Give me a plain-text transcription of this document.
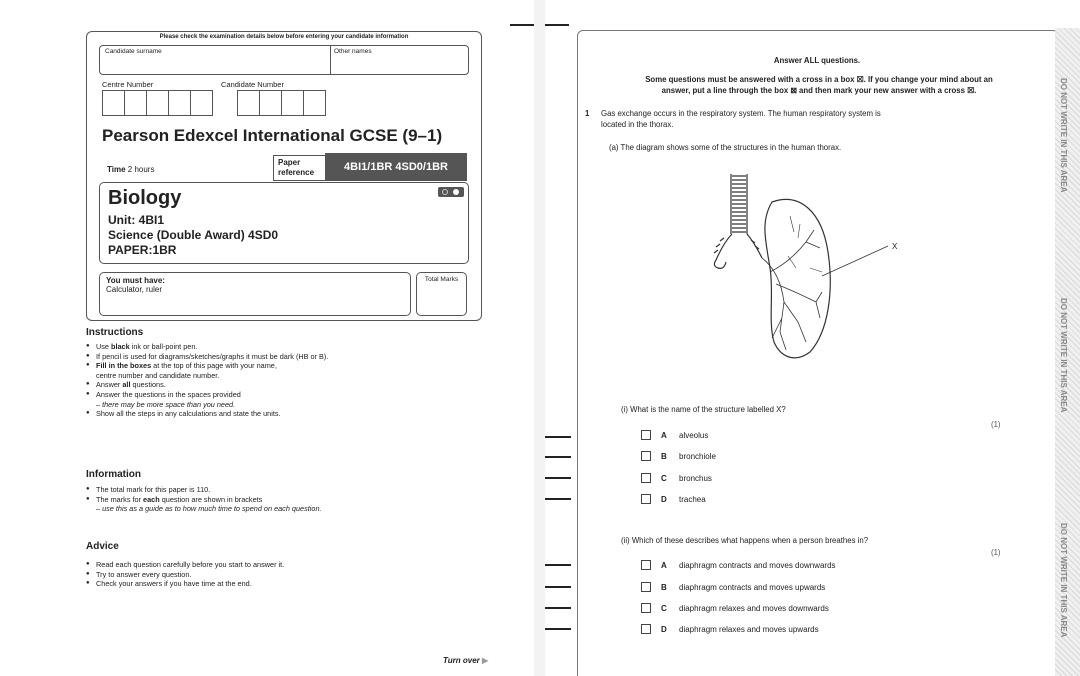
Please check the examination details below before entering your candidate information
Candidate surname	Other names
Centre Number	Candidate Number
Pearson Edexcel International GCSE (9–1)
Time 2 hours
Paper reference	4BI1/1BR 4SD0/1BR
Biology
Unit: 4BI1
Science (Double Award) 4SD0
PAPER:1BR
You must have:
Calculator, ruler
Total Marks
Instructions
● Use black ink or ball-point pen.
● If pencil is used for diagrams/sketches/graphs it must be dark (HB or B).
● Fill in the boxes at the top of this page with your name,
centre number and candidate number.
● Answer all questions.
● Answer the questions in the spaces provided
– there may be more space than you need.
● Show all the steps in any calculations and state the units.
Information
● The total mark for this paper is 110.
● The marks for each question are shown in brackets
– use this as a guide as to how much time to spend on each question.
Advice
● Read each question carefully before you start to answer it.
● Try to answer every question.
● Check your answers if you have time at the end.
Turn over ▶
DO NOT WRITE IN THIS AREA
DO NOT WRITE IN THIS AREA
DO NOT WRITE IN THIS AREA
Answer ALL questions.
Some questions must be answered with a cross in a box ☒. If you change your mind about an
answer, put a line through the box ⊠ and then mark your new answer with a cross ☒.
1 Gas exchange occurs in the respiratory system. The human respiratory system is
located in the thorax.
(a) The diagram shows some of the structures in the human thorax.
X
(i) What is the name of the structure labelled X?
(1)
A	alveolus
B	bronchiole
C	bronchus
D	trachea
(ii) Which of these describes what happens when a person breathes in?
(1)
A	diaphragm contracts and moves downwards
B	diaphragm contracts and moves upwards
C	diaphragm relaxes and moves downwards
D	diaphragm relaxes and moves upwards
